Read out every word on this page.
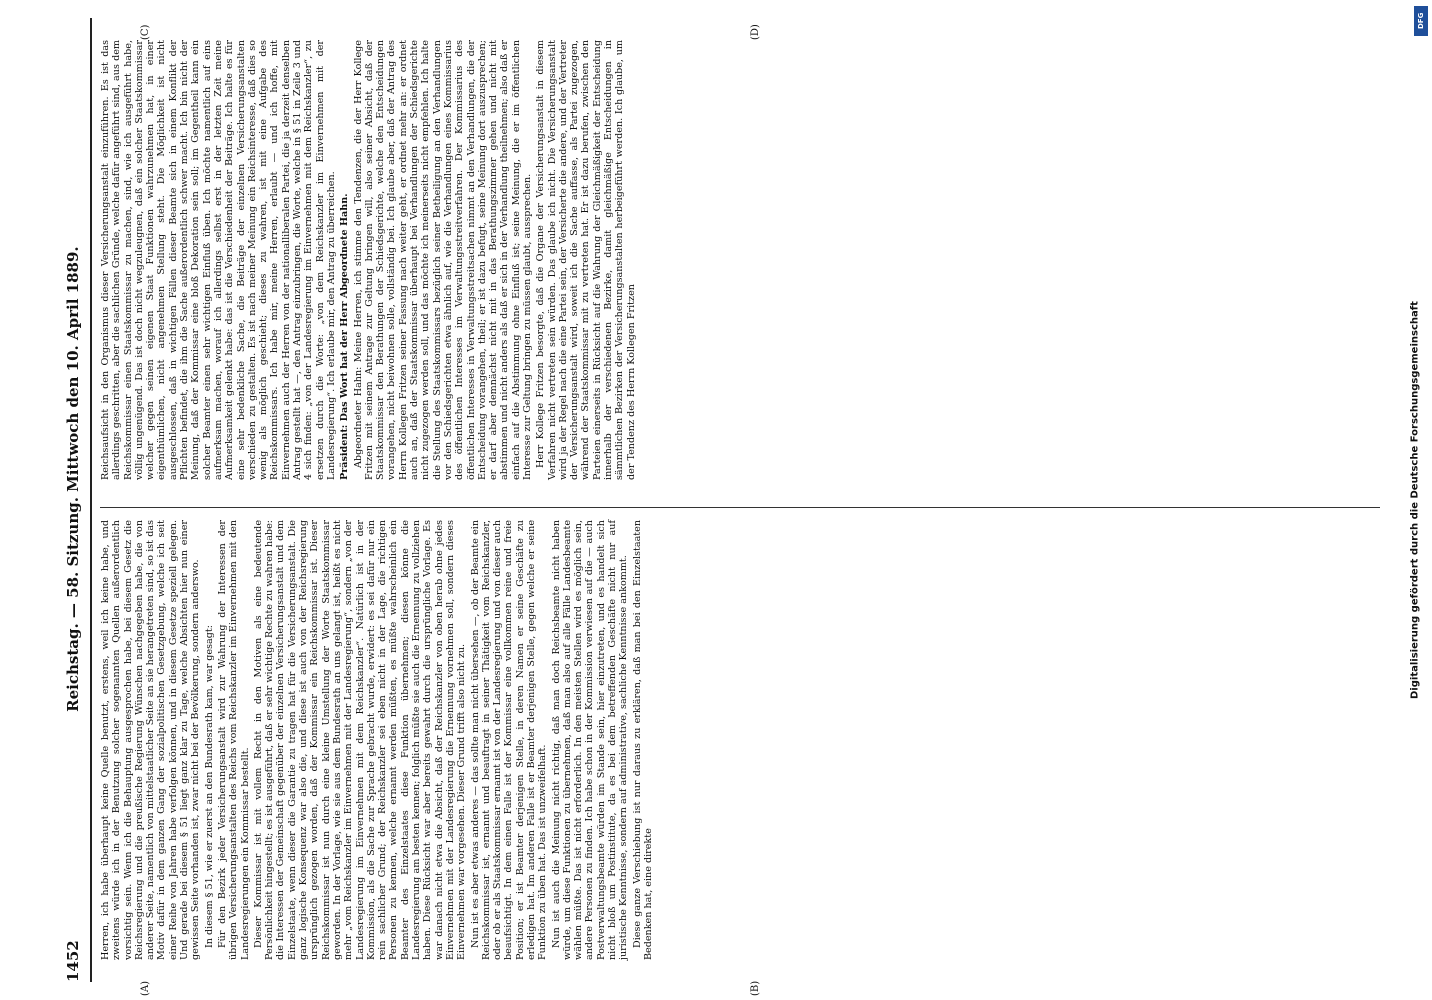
1452
Reichstag. — 58. Sitzung. Mittwoch den 10. April 1889.
(A)	(B)
(C)	(D)

Herren, ich habe überhaupt keine Quelle benutzt, erstens, weil ich keine habe, und zweitens würde ich in der Benutzung solcher sogenannten Quellen außerordentlich vorsichtig sein. Wenn ich die Behauptung ausgesprochen habe, bei diesem Gesetz die Reichsregierung und die preußische Regierung Wünschen nachgegeben habe, die von anderer Seite, namentlich von mittelstaatlicher Seite an sie herangetreten sind, so ist das Motiv dafür in dem ganzen Gang der sozialpolitischen Gesetzgebung, welche ich seit einer Reihe von Jahren habe verfolgen können, und in diesem Gesetze speziell gelegen. Und gerade bei diesem § 51 liegt ganz klar zu Tage, welche Absichten hier nun einer gewissen Seite vorhanden ist, zwar nicht bei der Bevölkerung, sondern anderswo. In diesem § 51, wie er zuerst an den Bundesrath kam, war gesagt: Für den Bezirk jeder Versicherungsanstalt wird zur Wahrung der Interessen der übrigen Versicherungsanstalten des Reichs vom Reichskanzler im Einvernehmen mit den Landesregierungen ein Kommissar bestellt. Dieser Kommissar ist mit vollem Recht in den Motiven als eine bedeutende Persönlichkeit hingestellt; es ist ausgeführt, daß er sehr wichtige Rechte zu wahren habe: die Interessen der Gemeinschaft gegenüber der einzelnen Versicherungsanstalt und dem Einzelstaate, wenn dieser die Garantie zu tragen hat für die Versicherungsanstalt. Die ganz logische Konsequenz war also die, und diese ist auch von der Reichsregierung ursprünglich gezogen worden, daß der Kommissar ein Reichskommissar ist. Dieser Reichskommissar ist nun durch eine kleine Umstellung der Worte Staatskommissar geworden. In der Vorlage, wie sie aus dem Bundesrath an uns gelangt ist, heißt es nicht mehr „vom Reichskanzler im Einvernehmen mit der Landesregierung“, sondern „von der Landesregierung im Einvernehmen mit dem Reichskanzler“. Natürlich ist in der Kommission, als die Sache zur Sprache gebracht wurde, erwidert: es sei dafür nur ein rein sachlicher Grund; der Reichskanzler sei eben nicht in der Lage, die richtigen Personen zu kennen, welche ernannt werden müßten, es müßte wahrscheinlich ein Beamter des Einzelstaates diese Funktion übernehmen; diesen könne die Landesregierung am besten kennen; folglich müßte sie auch die Ernennung zu vollziehen haben. Diese Rücksicht war aber bereits gewahrt durch die ursprüngliche Vorlage. Es war danach nicht etwa die Absicht, daß der Reichskanzler von oben herab ohne jedes Einvernehmen mit der Landesregierung die Ernennung vornehmen soll, sondern dieses Einvernehmen war vorgesehen. Dieser Grund trifft also nicht zu. Nun ist es aber etwas anderes — das sollte man nicht übersehen —, ob der Beamte ein Reichskommissar ist, ernannt und beauftragt in seiner Thätigkeit vom Reichskanzler, oder ob er als Staatskommissar ernannt ist von der Landesregierung und von dieser auch beaufsichtigt. In dem einen Falle ist der Kommissar eine vollkommen reine und freie Position; er ist Beamter derjenigen Stelle, in deren Namen er seine Geschäfte zu erledigen hat. Im anderen Falle ist er Beamter derjenigen Stelle, gegen welche er seine Funktion zu üben hat. Das ist unzweifelhaft. Nun ist auch die Meinung nicht richtig, daß man doch Reichsbeamte nicht haben würde, um diese Funktionen zu übernehmen, daß man also auf alle Fälle Landesbeamte wählen müßte. Das ist nicht erforderlich. In den meisten Stellen wird es möglich sein, andere Personen zu finden. Ich habe schon in der Kommission verwiesen auf die — auch Postverwaltungsbeamte würden im Stande sein, hier einzutreten, und es handelt sich nicht bloß um Postinstitute, da es bei dem betreffenden Geschäfte nicht nur auf juristische Kenntnisse, sondern auf administrative, sachliche Kenntnisse ankommt. Diese ganze Verschiebung ist nur daraus zu erklären, daß man bei den Einzelstaaten Bedenken hat, eine direkte

Reichsaufsicht in den Organismus dieser Versicherungsanstalt einzuführen. Es ist das allerdings geschritten, aber die sachlichen Gründe, welche dafür angeführt sind, aus dem Reichskommissar einen Staatskommissar zu machen, sind, wie ich ausgeführt habe, völlig ungenügend. Das ist doch nicht wegzuleugnen, daß ein solcher Staatskommissar welcher gegen seinen eigenen Staat Funktionen wahrzunehmen hat, in einer eigenthümlichen, nicht angenehmen Stellung steht. Die Möglichkeit ist nicht ausgeschlossen, daß in wichtigen Fällen dieser Beamte sich in einem Konflikt der Pflichten befindet, die ihm die Sache außerordentlich schwer macht. Ich bin nicht der Meinung, daß der Kommissar eine bloß Dekoration sein soll; im Gegentheil kann ein solcher Beamter einen sehr wichtigen Einfluß üben. Ich möchte namentlich auf eins aufmerksam machen, worauf ich allerdings selbst erst in der letzten Zeit meine Aufmerksamkeit gelenkt habe: das ist die Verschiedenheit der Beiträge. Ich halte es für eine sehr bedenkliche Sache, die Beiträge der einzelnen Versicherungsanstalten verschieden zu gestalten. Es ist nach meiner Meinung ein Reichsinteresse, daß dies so wenig als möglich geschieht; dieses zu wahren, ist mit eine Aufgabe des Reichskommissars. Ich habe mir, meine Herren, erlaubt — und ich hoffe, mit Einvernehmen auch der Herren von der nationalliberalen Partei, die ja derzeit denselben Antrag gestellt hat —, den Antrag einzubringen, die Worte, welche in § 51 in Zeile 3 und 4 sich finden: „von der Landesregierung im Einvernehmen mit dem Reichskanzler“, zu ersetzen durch die Worte: „von dem Reichskanzler im Einvernehmen mit der Landesregierung“. Ich erlaube mir, den Antrag zu überreichen. Präsident: Das Wort hat der Herr Abgeordnete Hahn. Abgeordneter Hahn: Meine Herren, ich stimme den Tendenzen, die der Herr Kollege Fritzen mit seinem Antrage zur Geltung bringen will, also seiner Absicht, daß der Staatskommissar den Berathungen der Schiedsgerichte, welche den Entscheidungen vorangehen, nicht beiwohnen solle, vollständig bei. Ich glaube aber, daß der Antrag des Herrn Kollegen Fritzen seiner Fassung nach weiter geht, er ordnet mehr an: er ordnet auch an, daß der Staatskommissar überhaupt bei Verhandlungen der Schiedsgerichte nicht zugezogen werden soll, und das möchte ich meinerseits nicht empfehlen. Ich halte die Stellung des Staatskommissars bezüglich seiner Betheiligung an den Verhandlungen vor den Schiedsgerichten etwa ähnlich auf, wie die Verhandlungen eines Kommissarius des öffentlichen Interesses im Verwaltungsstreitverfahren. Der Kommissarius des öffentlichen Interesses in Verwaltungsstreitsachen nimmt an den Verhandlungen, die der Entscheidung vorangehen, theil; er ist dazu befugt, seine Meinung dort auszusprechen; er darf aber demnächst nicht mit in das Berathungszimmer gehen und nicht mit abstimmen und nicht anders als daß er sich in der Verhandlung theilnehmen; also daß er einfach auf die Abstimmung ohne Einfluß ist; seine Meinung, die er im öffentlichen Interesse zur Geltung bringen zu müssen glaubt, aussprechen. Herr Kollege Fritzen besorgte, daß die Organe der Versicherungsanstalt in diesem Verfahren nicht vertreten sein würden. Das glaube ich nicht. Die Versicherungsanstalt wird ja der Regel nach die eine Partei sein, der Versicherte die andere, und der Vertreter der Versicherungsanstalt wird, soweit ich die Sache auffasse, als Partei zugezogen, während der Staatskommissar mit zu vertreten hat. Er ist dazu berufen, zwischen den Parteien einerseits in Rücksicht auf die Wahrung der Gleichmäßigkeit der Entscheidung innerhalb der verschiedenen Bezirke, damit gleichmäßige Entscheidungen in sämmtlichen Bezirken der Versicherungsanstalten herbeigeführt werden. Ich glaube, um der Tendenz des Herrn Kollegen Fritzen	Digitalisierung gefördert durch die Deutsche Forschungsgemeinschaft
DFG
